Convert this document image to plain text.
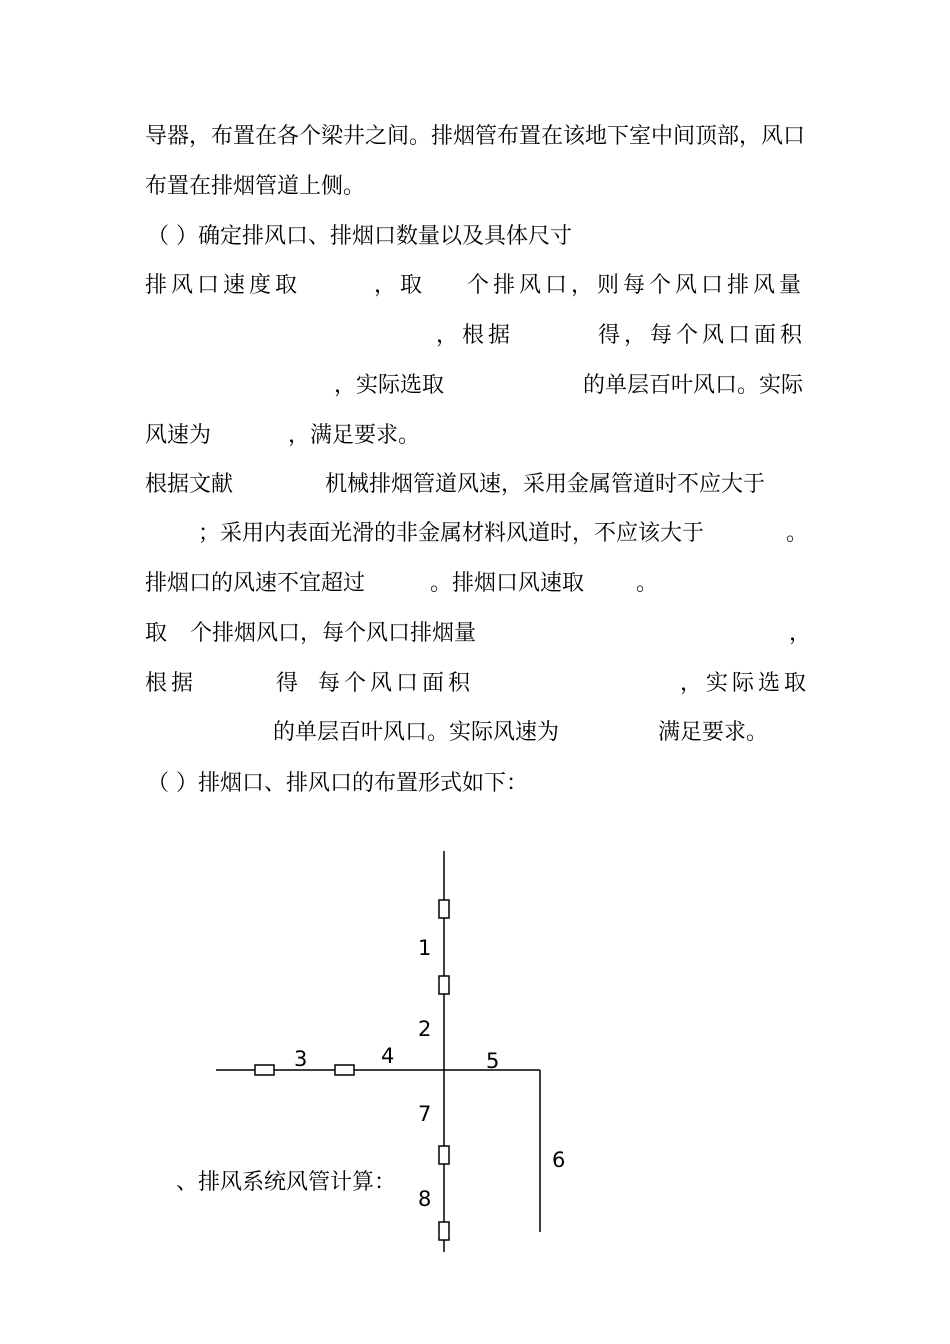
导器，布置在各个梁井之间。排烟管布置在该地下室中间顶部，风口
布置在排烟管道上侧。
（ ）确定排风口、排烟口数量以及具体尺寸
排风口速度取	，取 个排风口，则每个风口排风量
，根据	得，每个风口面积
，实际选取	的单层百叶风口。实际
风速为	，满足要求。
根据文献	机械排烟管道风速，采用金属管道时不应大于
；采用内表面光滑的非金属材料风道时，不应该大于	。
排烟口的风速不宜超过	。排烟口风速取 。
取 个排烟风口，每个风口排烟量	，
根据	得 每个风口面积	，实际选取
的单层百叶风口。实际风速为	满足要求。
（ ）排烟口、排风口的布置形式如下：
1
2
3	4	5
6
7
8
、排风系统风管计算：
